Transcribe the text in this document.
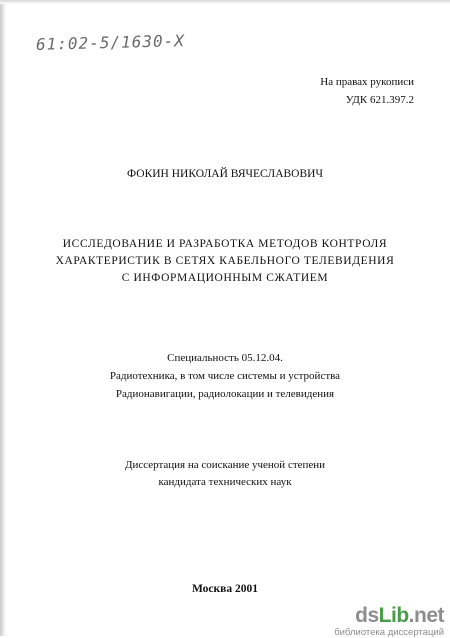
61:02-5/1630-X
На правах рукописи
УДК 621.397.2
ФОКИН НИКОЛАЙ ВЯЧЕСЛАВОВИЧ
ИССЛЕДОВАНИЕ И РАЗРАБОТКА МЕТОДОВ КОНТРОЛЯ
ХАРАКТЕРИСТИК В СЕТЯХ КАБЕЛЬНОГО ТЕЛЕВИДЕНИЯ
С ИНФОРМАЦИОННЫМ СЖАТИЕМ
Специальность 05.12.04.
Радиотехника, в том числе системы и устройства
Радионавигации, радиолокации и телевидения
Диссертация на соискание ученой степени
кандидата технических наук
Москва 2001
dsLib.net
библиотека диссертаций
